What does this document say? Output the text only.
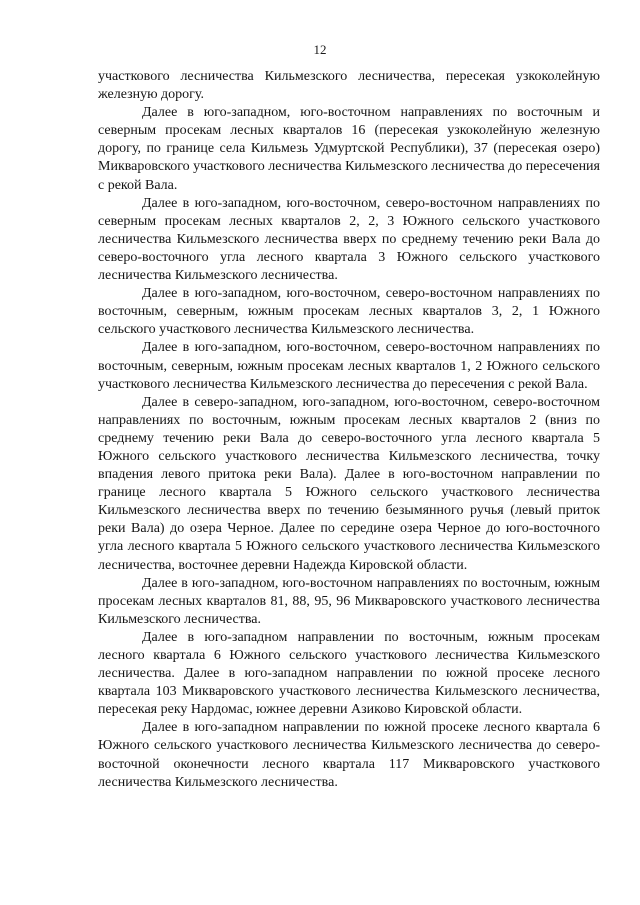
12

участкового лесничества Кильмезского лесничества, пересекая узкоколейную железную дорогу.

Далее в юго-западном, юго-восточном направлениях по восточным и северным просекам лесных кварталов 16 (пересекая узкоколейную железную дорогу, по границе села Кильмезь Удмуртской Республики), 37 (пересекая озеро) Микваровского участкового лесничества Кильмезского лесничества до пересечения с рекой Вала.

Далее в юго-западном, юго-восточном, северо-восточном направлениях по северным просекам лесных кварталов 2, 2, 3 Южного сельского участкового лесничества Кильмезского лесничества вверх по среднему течению реки Вала до северо-восточного угла лесного квартала 3 Южного сельского участкового лесничества Кильмезского лесничества.

Далее в юго-западном, юго-восточном, северо-восточном направлениях по восточным, северным, южным просекам лесных кварталов 3, 2, 1 Южного сельского участкового лесничества Кильмезского лесничества.

Далее в юго-западном, юго-восточном, северо-восточном направлениях по восточным, северным, южным просекам лесных кварталов 1, 2 Южного сельского участкового лесничества Кильмезского лесничества до пересечения с рекой Вала.

Далее в северо-западном, юго-западном, юго-восточном, северо-восточном направлениях по восточным, южным просекам лесных кварталов 2 (вниз по среднему течению реки Вала до северо-восточного угла лесного квартала 5 Южного сельского участкового лесничества Кильмезского лесничества, точку впадения левого притока реки Вала). Далее в юго-восточном направлении по границе лесного квартала 5 Южного сельского участкового лесничества Кильмезского лесничества вверх по течению безымянного ручья (левый приток реки Вала) до озера Черное. Далее по середине озера Черное до юго-восточного угла лесного квартала 5 Южного сельского участкового лесничества Кильмезского лесничества, восточнее деревни Надежда Кировской области.

Далее в юго-западном, юго-восточном направлениях по восточным, южным просекам лесных кварталов 81, 88, 95, 96 Микваровского участкового лесничества Кильмезского лесничества.

Далее в юго-западном направлении по восточным, южным просекам лесного квартала 6 Южного сельского участкового лесничества Кильмезского лесничества. Далее в юго-западном направлении по южной просеке лесного квартала 103 Микваровского участкового лесничества Кильмезского лесничества, пересекая реку Нардомас, южнее деревни Азиково Кировской области.

Далее в юго-западном направлении по южной просеке лесного квартала 6 Южного сельского участкового лесничества Кильмезского лесничества до северо-восточной оконечности лесного квартала 117 Микваровского участкового лесничества Кильмезского лесничества.
